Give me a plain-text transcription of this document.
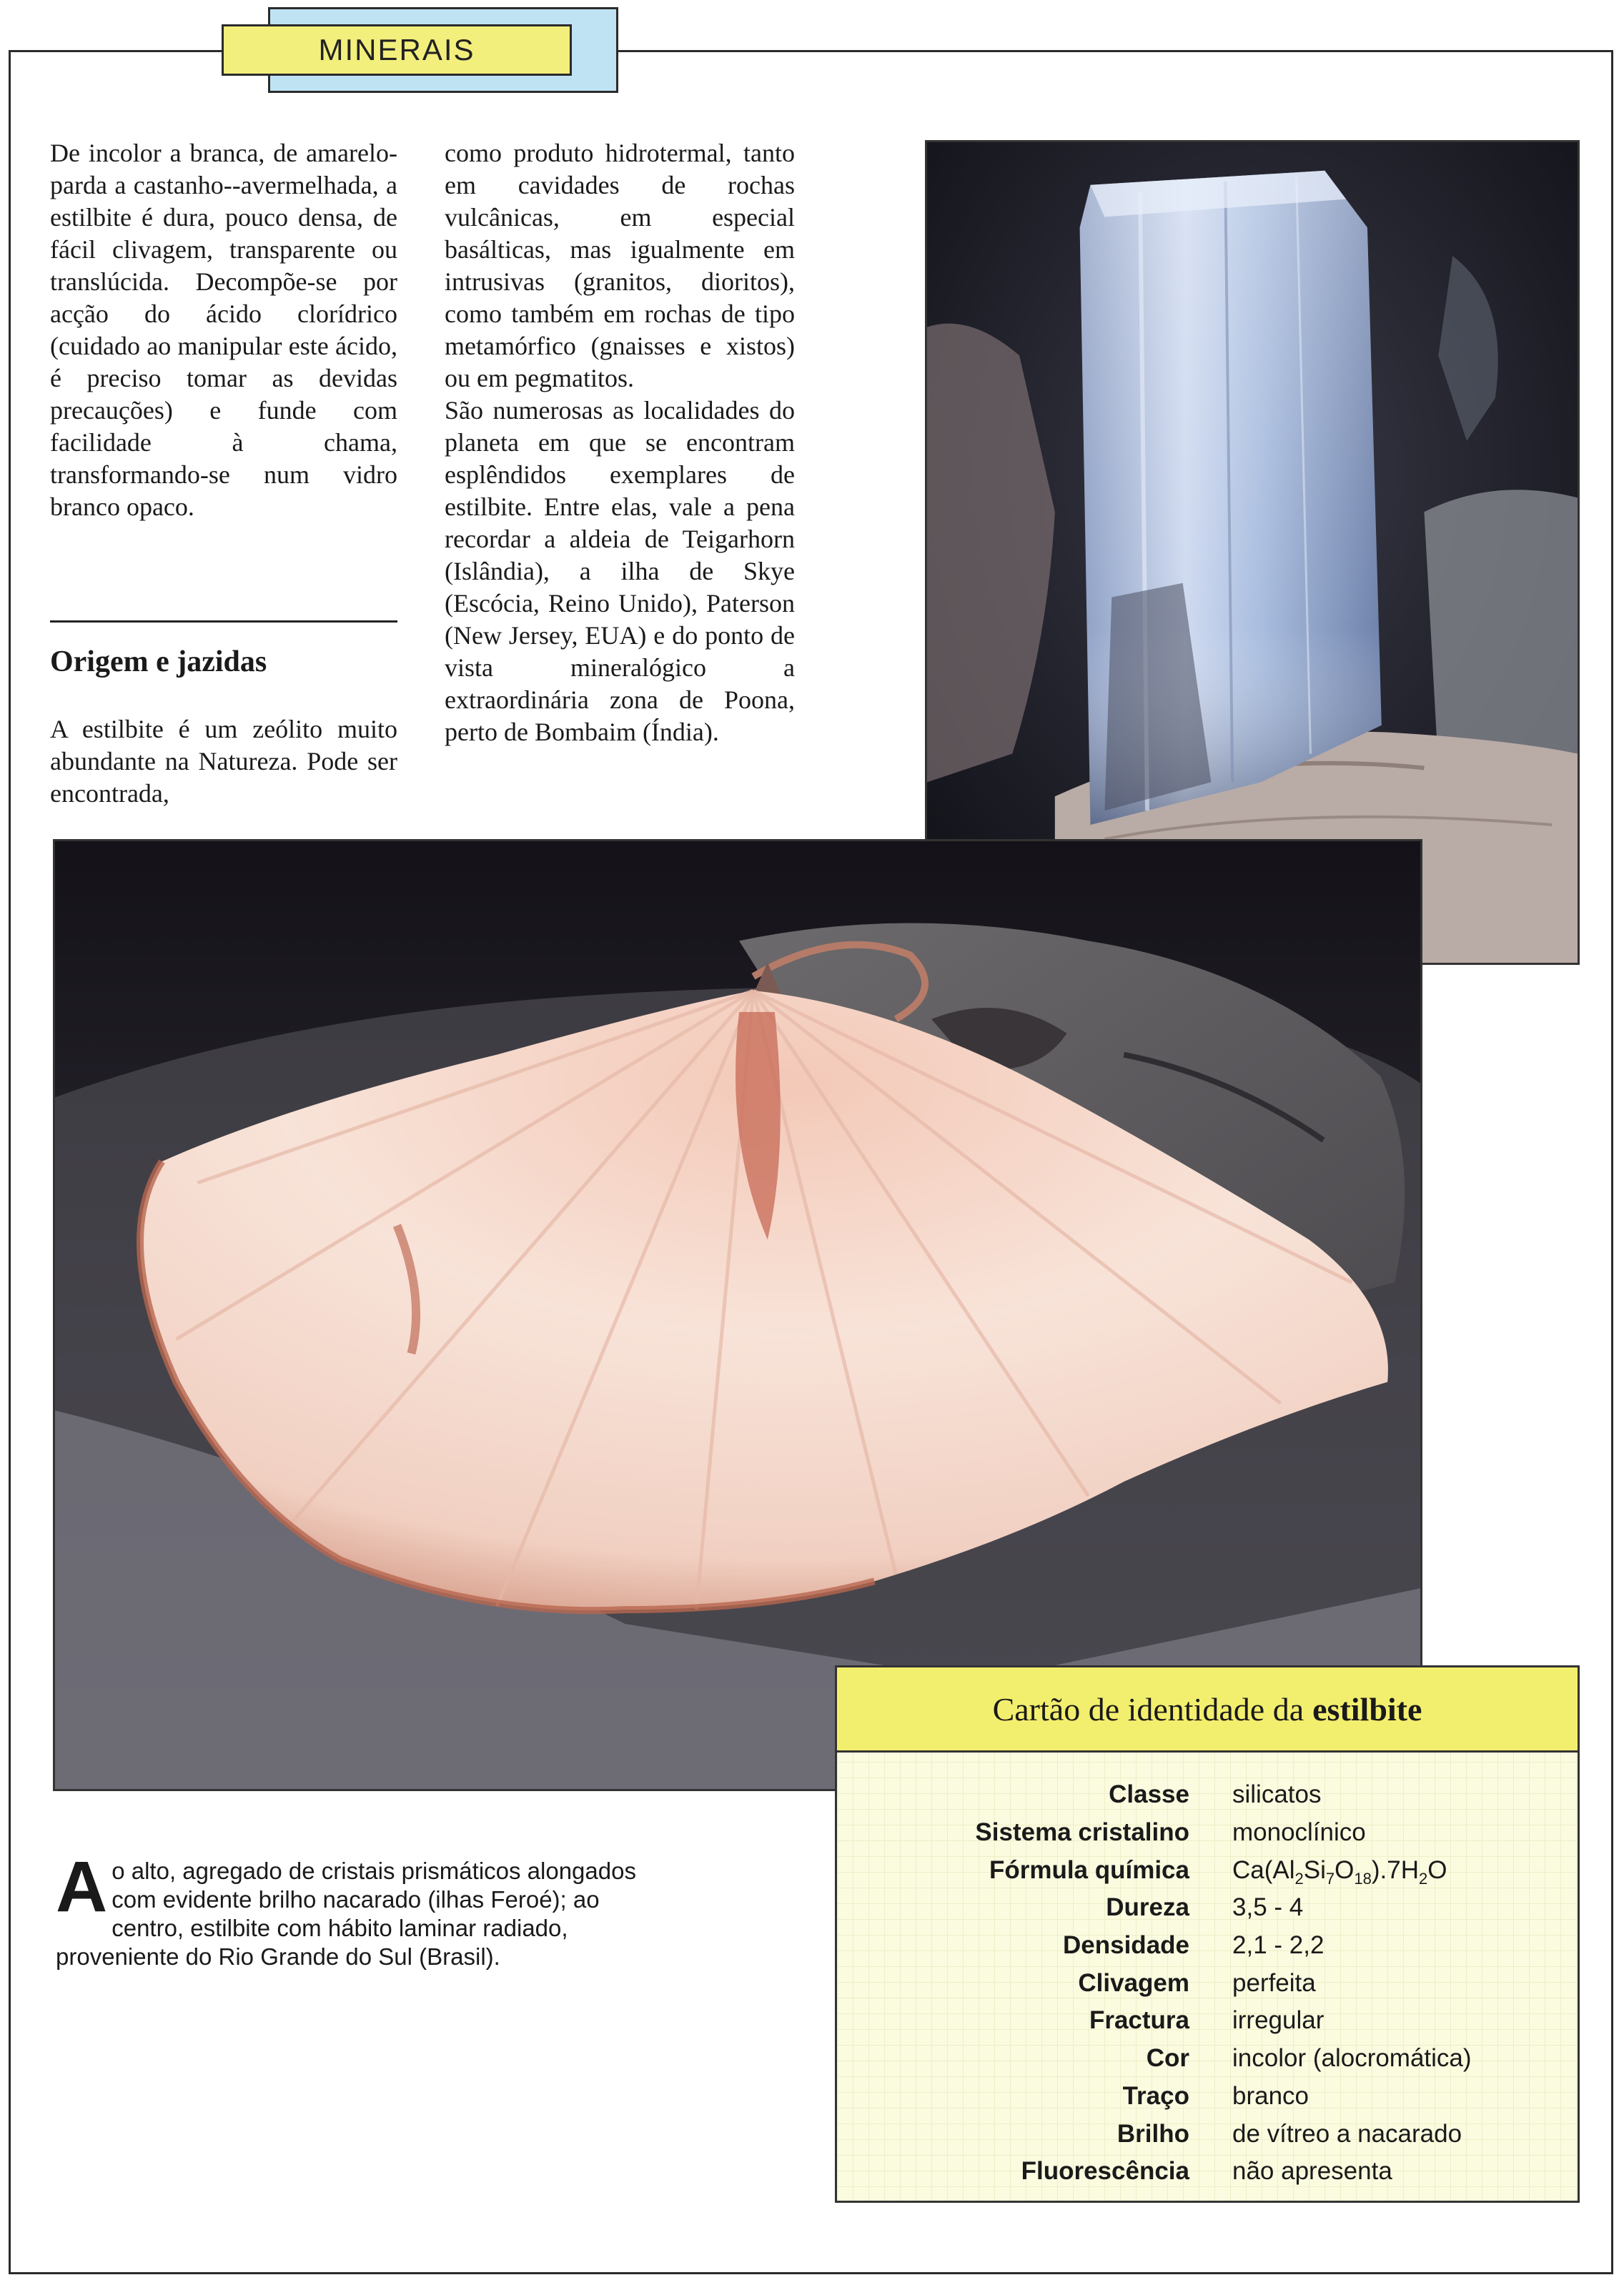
MINERAIS

De incolor a branca, de amarelo-parda a castanho--avermelhada, a estilbite é dura, pouco densa, de fácil clivagem, transparente ou translúcida. Decompõe-se por acção do ácido clorídrico (cuidado ao manipular este ácido, é preciso tomar as devidas precauções) e funde com facilidade à chama, transformando-se num vidro branco opaco.

Origem e jazidas

A estilbite é um zeólito muito abundante na Natureza. Pode ser encontrada,

como produto hidrotermal, tanto em cavidades de rochas vulcânicas, em especial basálticas, mas igualmente em intrusivas (granitos, dioritos), como também em rochas de tipo metamórfico (gnaisses e xistos) ou em pegmatitos.

São numerosas as localidades do planeta em que se encontram esplêndidos exemplares de estilbite. Entre elas, vale a pena recordar a aldeia de Teigarhorn (Islândia), a ilha de Skye (Escócia, Reino Unido), Paterson (New Jersey, EUA) e do ponto de vista mineralógico a extraordinária zona de Poona, perto de Bombaim (Índia).

Ao alto, agregado de cristais prismáticos alongados com evidente brilho nacarado (ilhas Feroé); ao centro, estilbite com hábito laminar radiado, proveniente do Rio Grande do Sul (Brasil).
Cartão de identidade da estilbite
Classe	silicatos
Sistema cristalino	monoclínico
Fórmula química	$Ca(Al_2Si_7O_{18}).7H_2O$
Dureza	3,5 - 4
Densidade	2,1 - 2,2
Clivagem	perfeita
Fractura	irregular
Cor	incolor (alocromática)
Traço	branco
Brilho	de vítreo a nacarado
Fluorescência	não apresenta
